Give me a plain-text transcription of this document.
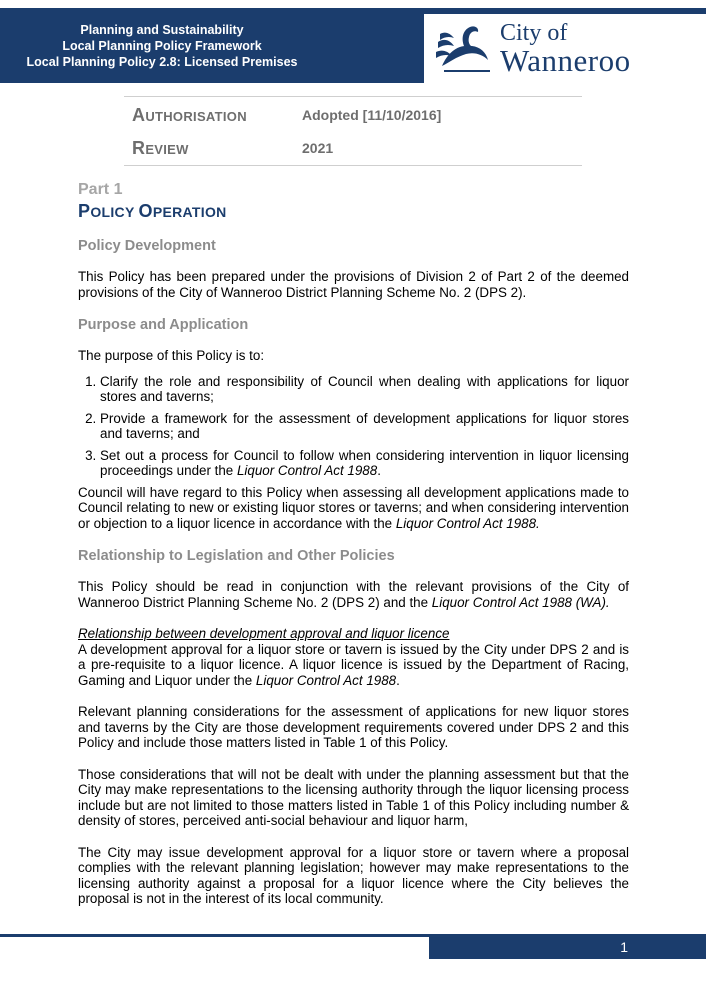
Planning and Sustainability
Local Planning Policy Framework
Local Planning Policy 2.8: Licensed Premises
City of
Wanneroo
AUTHORISATION	Adopted [11/10/2016]
REVIEW	2021
Part 1
POLICY OPERATION
Policy Development

This Policy has been prepared under the provisions of Division 2 of Part 2 of the deemed provisions of the City of Wanneroo District Planning Scheme No. 2 (DPS 2).

Purpose and Application

The purpose of this Policy is to:

1. Clarify the role and responsibility of Council when dealing with applications for liquor stores and taverns;
2. Provide a framework for the assessment of development applications for liquor stores and taverns; and
3. Set out a process for Council to follow when considering intervention in liquor licensing proceedings under the Liquor Control Act 1988.

Council will have regard to this Policy when assessing all development applications made to Council relating to new or existing liquor stores or taverns; and when considering intervention or objection to a liquor licence in accordance with the Liquor Control Act 1988.

Relationship to Legislation and Other Policies

This Policy should be read in conjunction with the relevant provisions of the City of Wanneroo District Planning Scheme No. 2 (DPS 2) and the Liquor Control Act 1988 (WA).

Relationship between development approval and liquor licence

A development approval for a liquor store or tavern is issued by the City under DPS 2 and is a pre-requisite to a liquor licence. A liquor licence is issued by the Department of Racing, Gaming and Liquor under the Liquor Control Act 1988.

Relevant planning considerations for the assessment of applications for new liquor stores and taverns by the City are those development requirements covered under DPS 2 and this Policy and include those matters listed in Table 1 of this Policy.

Those considerations that will not be dealt with under the planning assessment but that the City may make representations to the licensing authority through the liquor licensing process include but are not limited to those matters listed in Table 1 of this Policy including number & density of stores, perceived anti-social behaviour and liquor harm,

The City may issue development approval for a liquor store or tavern where a proposal complies with the relevant planning legislation; however may make representations to the licensing authority against a proposal for a liquor licence where the City believes the proposal is not in the interest of its local community.

1
